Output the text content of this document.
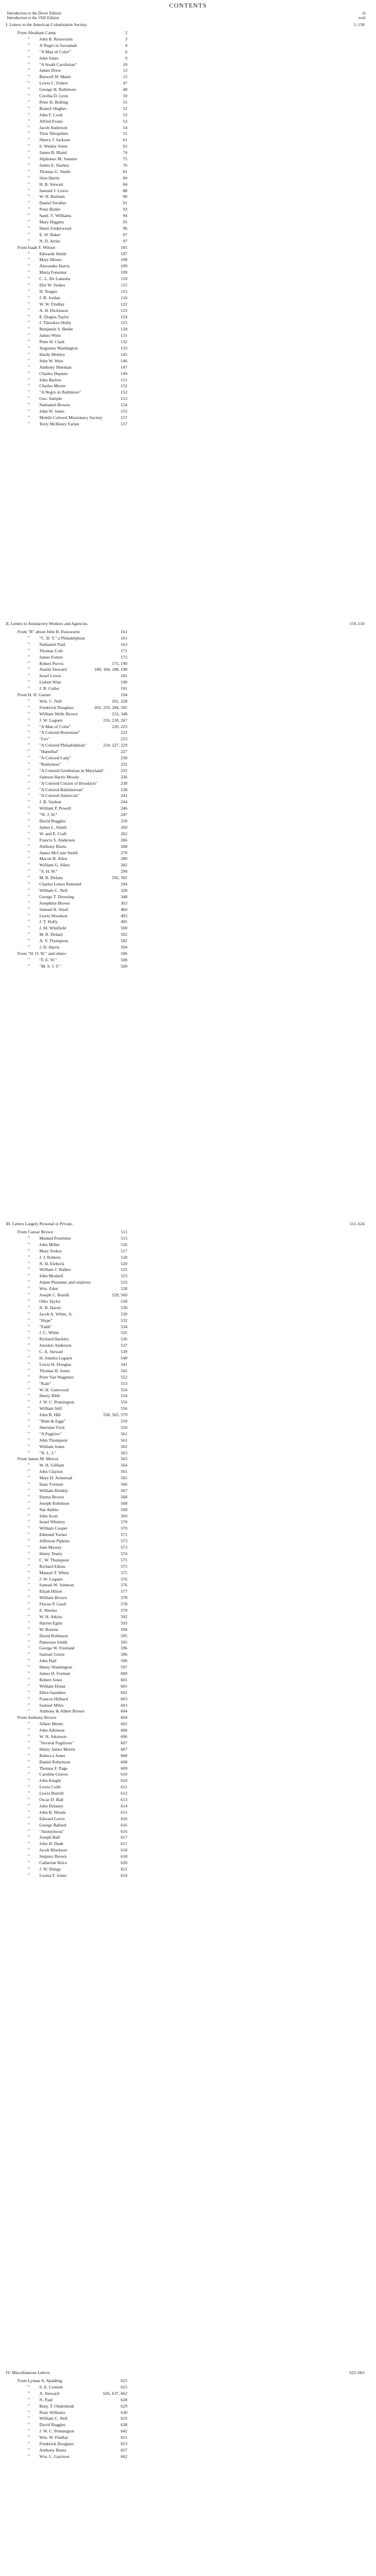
CONTENTS
Introduction to the Dover Edition	iii
Introduction to the 1926 Edition	xxiii
I. Letters to the American Colonization Society.	1–158
From Abraham Camp	2
" John B. Russwurm	3
" A Negro in Savannah	4
" "A Man of Color"	6
" John Jones	9
" "A South Carolinian"	10
" James Drew	13
" Burwell W. Mann	13
" Lewis C. Fobert	47
" George H. Baltimore	48
" Cecelia D. Lyon	50
" Peter H. Bolling	51
" Branch Hughes	52
" John F. Cook	53
" Alfred Evans	53
" Jacob Anderson	54
" Titus Shropshire	55
" Sherry J. Jackson	61
" S. Wesley Jones	62
" James B. Bland	74
" Alphonso M. Sumner	75
" James E. Starkey	76
" Thomas G. Smith	81
" Sion Harris	84
" H. B. Stewart	84
" Samuel J. Lewis	88
" W. H. Burham	90
" Daniel Strother	91
" Peter Butler	93
" Saml. V. Williams	94
" Mary Higgins	95
" Henri Underwood	96
" E. W. Baker	97
" N. D. Artist	97
From Isaah T. Wilson	105
" Edwards Smith	107
" Mary Moore	108
" Alexander Harris	109
" Maria Fonemur	109
" C. L. De Lamotta	110
" Elie W. Stokes	115
" H. Teague	115
" J. B. Jordan	116
" W. W. Findlay	122
" A. H. Dickinson	123
" E. Doglas Taylor	124
" J. Theodore Holly	125
" Benjamin S. Beebe	128
" James Winn	131
" Peter H. Clark	132
" Augustus Washington	133
" Hardy Mobley	145
" John W. West	146
" Anthony Sherman	147
" Charles Deputie	149
" John Barlow	151
" Charles Moore	152
" "A Negro in Baltimore"	152
" Geo. Sample	153
" Nathaniel Bowen	154
" John W. Jones	155
" Mobile Colored Missionary Society	157
" Terry McHenry Farlan	157
II. Letters to Antislavery Workers and Agencies.	159–510
From "R" about John B. Russwurm	161
" "C. D. T." a Philadelphian	161
" Nathaniel Paul	163
" Thomas Cole	171
" James Forten	175
" Robert Purvis	175, 190
" Austin Steward	180, 184, 188, 190
" Israel Lewis	181
" Lisben Wise	190
" J. B. Cutler	191
From H. H. Garnet	194
" Wm. C. Nell	201, 228
" Frederick Douglass	202, 210, 284, 505
" William Wells Brown	213, 348
" J. W. Loguen	216, 218, 267
" "A Man of Color"	220, 223
" "A Colored Bostonian"	222
" "Leo"	223
" "A Colored Philadelphian"	224, 227, 229
" "Hannibal"	227
" "A Colored Lady"	230
" "Ruthymus"	232
" "A Colored Gentleman in Maryland"	235
" Samson Harris Moody	236
" "A Colored Citizen of Brooklyn"	238
" "A Colored Baltimorean"	238
" "A Colored American"	241
" J. B. Vashon	244
" William P. Powell	246
" "W. J. W."	247
" David Ruggles	250
" James L. Smith	260
" W. and E. Craft	262
" Francis S. Anderson	266
" Anthony Burns	268
" James McCune Smith	270
" Macon B. Allen	280
" William G. Allen	282
" "S. H. W."	290
" M. R. Delany	292, 302
" Charles Lenox Remond	294
" William C. Nell	328
" George T. Downing	348
" Josephine Brown	363
" Samuel R. Ward	460
" Lewis Woodson	493
" J. T. Holly	495
" J. M. Whitfield	500
" M. R. Delany	502
" A. V. Thompson	502
" J. D. Harris	504
From "H. O. W." and others	506
" "F. E. W."	508
" "M. S. J. T."	509
III. Letters Largely Personal or Private.	511–624
From Caesar Brown	511
" Medard Portelette	513
" John Miller	516
" Mary Stokes	517
" J. J. Roberts	518
" N. H. Elebeck	520
" William J. Walker	522
" John Moshell	523
" Adam Plummer and relatives	523
" Wm. Eden	528
" Joseph C. Bustill	529, 560
" Otho Taylor	530
" N. B. Harris	530
" Jacob A. White, Jr.	530
" "Hope"	532
" "Faith"	534
" J. C. White	535
" Richard Hackley	536
" Jourdon Anderson	537
" C. A. Stewart	539
" H. Amelia Loguen	540
" Lewis H. Douglas	541
" Thomas H. Jones	545
" Peter Van Wagenen	552
" "Kale"	553
" W. H. Gatewood	554
" Henry Bibb	554
" J. W. C. Pennington	556
" William Still	556
" John B. Hill	558, 565, 579
" "Ham & Eggs"	559
" Sheridan Ford	559
" "A Fugitive"	561
" John Thompson	561
" William Jones	562
" "N. L. J."	563
From James M. Mercer	563
" W. H. Gilliam	564
" John Clayton	565
" Mary D. Armstead	565
" Isaac Forman	566
" William Brinkly	567
" Emma Brown	568
" Joseph Robinson	568
" Nat Ambie	569
" John Scott	569
" Israel Whitney	570
" William Cooper	570
" Edmund Turner	571
" Jefferson Pipkins	573
" Jane Massey	573
" Henry Yeatty	574
" C. W. Thompson	575
" Richard Edons	575
" Manuel T. White	575
" J. W. Loguen	576
" Samuel W. Johnson	576
" Elijah Hilton	577
" William Brown	578
" Flavoe P. Gault	578
" E. Weems	579
" W. H. Atkins	592
" Harriet Eglin	593
" W. Bourne	594
" David Robinson	595
" Patterson Smith	595
" George W. Freeland	596
" Samuel Green	596
" John Hall	596
" Henry Washington	597
" James H. Forman	600
" Robert Jones	601
" William Donar	601
" Ellen Saunders	602
" Frances Hilliard	603
" Samuel Miles	603
" Anthony & Albert Brown	604
From Anthony Brown	604
" Albert Metter	605
" John Atkinson	606
" W. H. Atkinson	606
" "Several Fugitives"	607
" Henry James Morris	607
" Rebecca Jones	608
" Daniel Robertson	608
" Thomas F. Page	609
" Caroline Graves	610
" John Knight	610
" Lewis Cobb	611
" Lewis Burrell	612
" Oscar D. Ball	613
" John Delaney	614
" John B. Woods	615
" Edward Lewis	616
" George Ballard	616
" "Anonymous"	616
" Joseph Ball	617
" John H. Dade	617
" Jacob Blockson	618
" Stepney Brown	618
" Catherine Brice	620
" J. W. Dungy	621
" Louisa F. Jones	624
IV. Miscellaneous Letters.	625–663
From Lyman A. Spalding	625
" S. E. Cornish	625
" A. Steward	626, 637, 662
" N. Paul	628
" Benj. T. Onderdonk	629
" Peter Williams	630
" William C. Nell	633
" David Ruggles	638
" J. W. C. Pennington	642
" Wm. W. Findlay	651
" Frederick Douglass	653
" Anthony Burns	657
" Wm. L. Garrison	662
